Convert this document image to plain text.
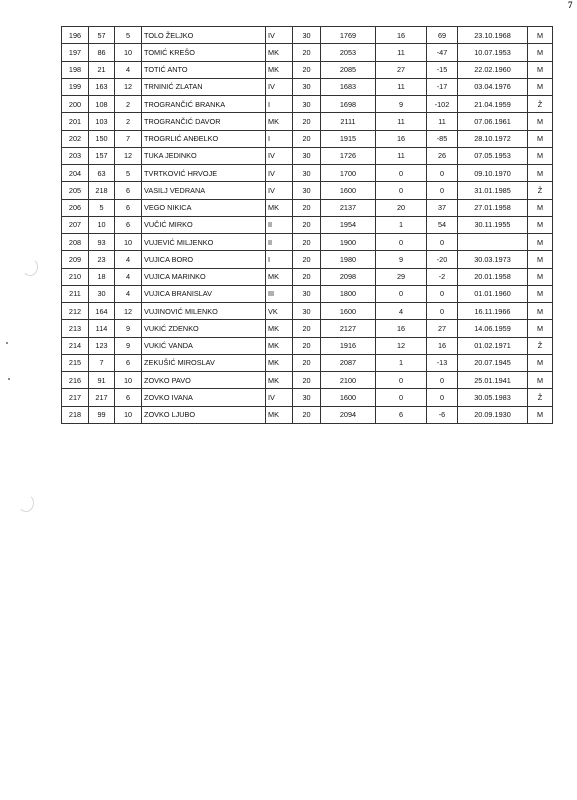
7
196	57	5	TOLO ŽELJKO	IV	30	1769	16	69	23.10.1968	M
197	86	10	TOMIĆ KREŠO	MK	20	2053	11	-47	10.07.1953	M
198	21	4	TOTIĆ ANTO	MK	20	2085	27	-15	22.02.1960	M
199	163	12	TRNINIĆ ZLATAN	IV	30	1683	11	-17	03.04.1976	M
200	108	2	TROGRANČIĆ BRANKA	I	30	1698	9	-102	21.04.1959	Ž
201	103	2	TROGRANČIĆ DAVOR	MK	20	2111	11	11	07.06.1961	M
202	150	7	TROGRLIĆ ANĐELKO	I	20	1915	16	-85	28.10.1972	M
203	157	12	TUKA JEDINKO	IV	30	1726	11	26	07.05.1953	M
204	63	5	TVRTKOVIĆ HRVOJE	IV	30	1700	0	0	09.10.1970	M
205	218	6	VASILJ VEDRANA	IV	30	1600	0	0	31.01.1985	Ž
206	5	6	VEGO NIKICA	MK	20	2137	20	37	27.01.1958	M
207	10	6	VUČIĆ MIRKO	II	20	1954	1	54	30.11.1955	M
208	93	10	VUJEVIĆ MILJENKO	II	20	1900	0	0		M
209	23	4	VUJICA BORO	I	20	1980	9	-20	30.03.1973	M
210	18	4	VUJICA MARINKO	MK	20	2098	29	-2	20.01.1958	M
211	30	4	VUJICA BRANISLAV	III	30	1800	0	0	01.01.1960	M
212	164	12	VUJINOVIĆ MILENKO	VK	30	1600	4	0	16.11.1966	M
213	114	9	VUKIĆ ZDENKO	MK	20	2127	16	27	14.06.1959	M
214	123	9	VUKIĆ VANDA	MK	20	1916	12	16	01.02.1971	Ž
215	7	6	ZEKUŠIĆ MIROSLAV	MK	20	2087	1	-13	20.07.1945	M
216	91	10	ZOVKO PAVO	MK	20	2100	0	0	25.01.1941	M
217	217	6	ZOVKO IVANA	IV	30	1600	0	0	30.05.1983	Ž
218	99	10	ZOVKO LJUBO	MK	20	2094	6	-6	20.09.1930	M
